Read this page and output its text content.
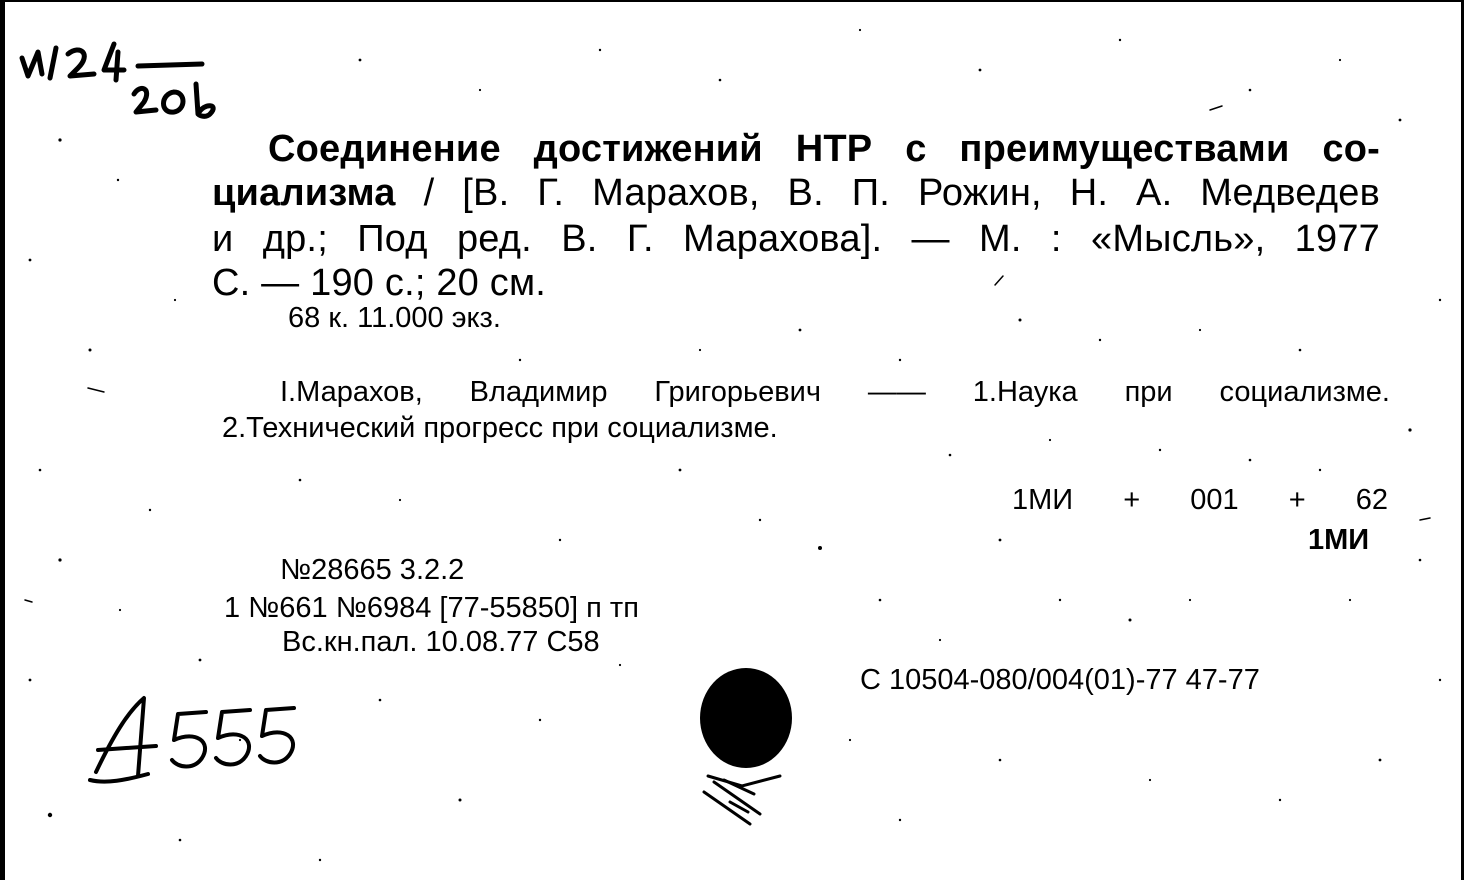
Соединение достижений НТР с преимуществами со-
циализма / [В. Г. Марахов, В. П. Рожин, Н. А. Медведев
и др.; Под ред. В. Г. Марахова]. — М. : «Мысль», 1977
С. — 190 с.; 20 см.
68 к. 11.000 экз.
I.Марахов, Владимир Григорьевич —— 1.Наука при социализме.
2.Технический прогресс при социализме.
1МИ + 001 + 62
1МИ
№28665 3.2.2
1 №661 №6984 [77-55850] п тп
Вс.кн.пал. 10.08.77 С58
С 10504-080/004(01)-77 47-77
